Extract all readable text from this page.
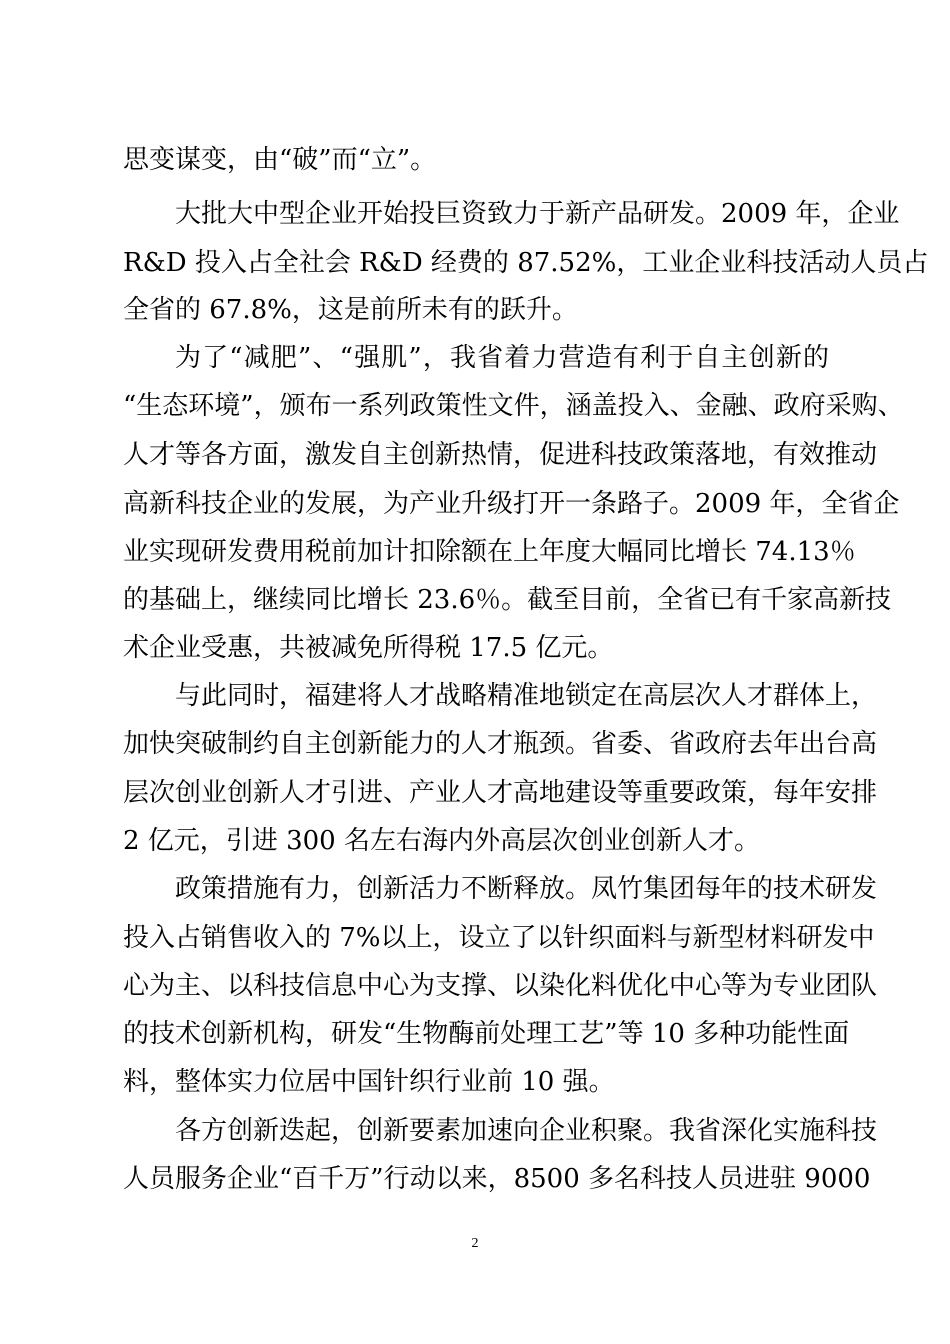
思变谋变，由“破”而“立”。
大批大中型企业开始投巨资致力于新产品研发。2009 年，企业
R&D 投入占全社会 R&D 经费的 87.52%，工业企业科技活动人员占
全省的 67.8%，这是前所未有的跃升。
为了“减肥”、“强肌”，我省着力营造有利于自主创新的
“生态环境”，颁布一系列政策性文件，涵盖投入、金融、政府采购、
人才等各方面，激发自主创新热情，促进科技政策落地，有效推动
高新科技企业的发展，为产业升级打开一条路子。2009 年，全省企
业实现研发费用税前加计扣除额在上年度大幅同比增长 74.13％
的基础上，继续同比增长 23.6％。截至目前，全省已有千家高新技
术企业受惠，共被减免所得税 17.5 亿元。
与此同时，福建将人才战略精准地锁定在高层次人才群体上，
加快突破制约自主创新能力的人才瓶颈。省委、省政府去年出台高
层次创业创新人才引进、产业人才高地建设等重要政策，每年安排
2 亿元，引进 300 名左右海内外高层次创业创新人才。
政策措施有力，创新活力不断释放。凤竹集团每年的技术研发
投入占销售收入的 7%以上，设立了以针织面料与新型材料研发中
心为主、以科技信息中心为支撑、以染化料优化中心等为专业团队
的技术创新机构，研发“生物酶前处理工艺”等 10 多种功能性面
料，整体实力位居中国针织行业前 10 强。
各方创新迭起，创新要素加速向企业积聚。我省深化实施科技
人员服务企业“百千万”行动以来，8500 多名科技人员进驻 9000
2
